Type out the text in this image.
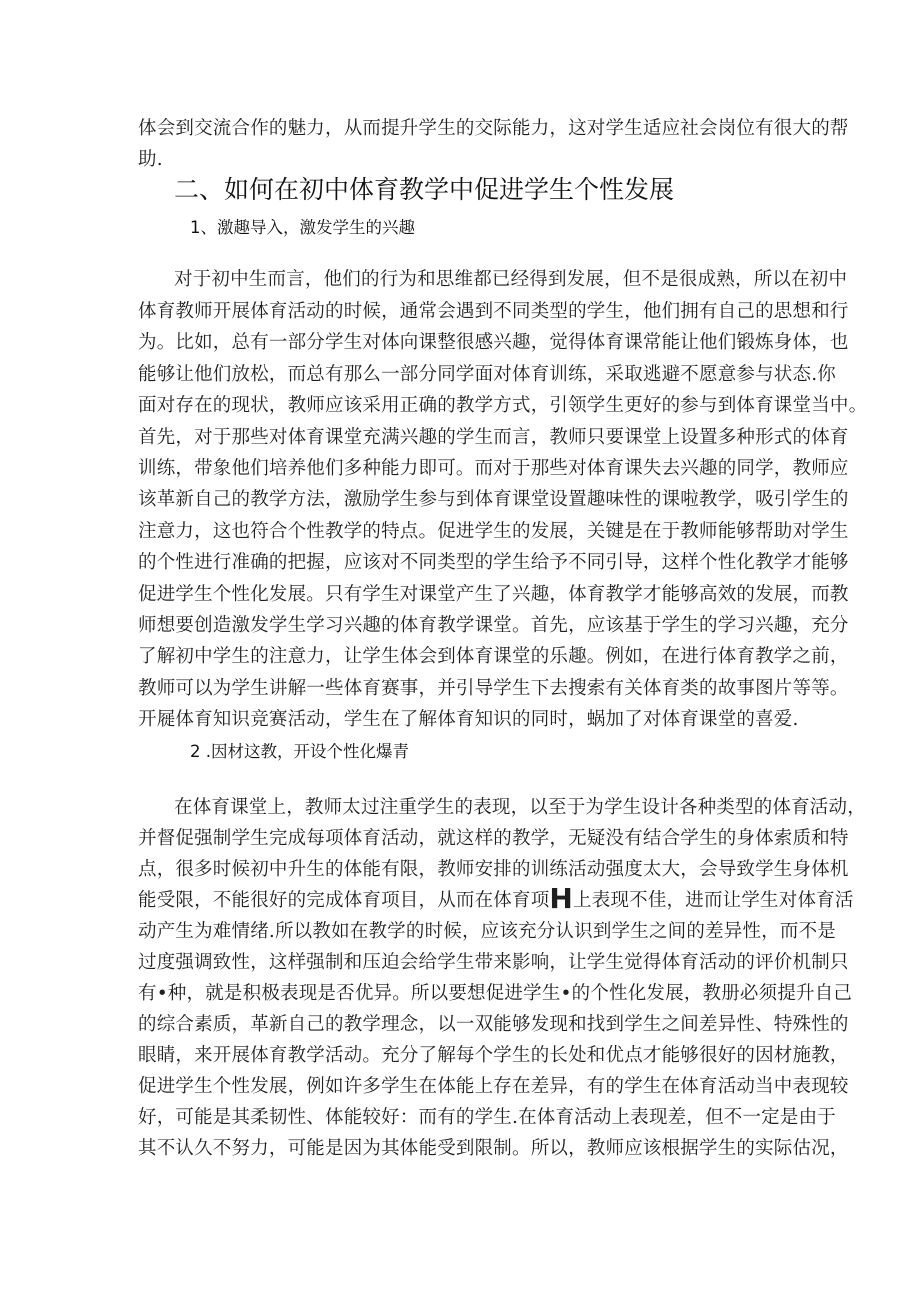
体会到交流合作的魅力，从而提升学生的交际能力，这对学生适应社会岗位有很大的帮
助.
二、如何在初中体育教学中促进学生个性发展
1、激趣导入，激发学生的兴趣
对于初中生而言，他们的行为和思维都已经得到发展，但不是很成熟，所以在初中
体育教师开展体育活动的时候，通常会遇到不同类型的学生，他们拥有自己的思想和行
为。比如，总有一部分学生对体向课整很感兴趣，觉得体育课常能让他们锻炼身体，也
能够让他们放松，而总有那么一部分同学面对体育训练，采取逃避不愿意参与状态.你
面对存在的现状，教师应该采用正确的教学方式，引领学生更好的参与到体育课堂当中。
首先，对于那些对体育课堂充满兴趣的学生而言，教师只要课堂上设置多种形式的体育
训练，带象他们培养他们多种能力即可。而对于那些对体育课失去兴趣的同学，教师应
该革新自己的教学方法，激励学生参与到体育课堂设置趣味性的课啦教学，吸引学生的
注意力，这也符合个性教学的特点。促进学生的发展，关键是在于教师能够帮助对学生
的个性进行准确的把握，应该对不同类型的学生给予不同引导，这样个性化教学才能够
促进学生个性化发展。只有学生对课堂产生了兴趣，体育教学才能够高效的发展，而教
师想要创造激发学生学习兴趣的体育教学课堂。首先，应该基于学生的学习兴趣，充分
了解初中学生的注意力，让学生体会到体育课堂的乐趣。例如，在进行体育教学之前，
教师可以为学生讲解一些体育赛事，并引导学生下去搜索有关体育类的故事图片等等。
开屣体育知识竞赛活动，学生在了解体育知识的同时，蜗加了对体育课堂的喜爱.
2 .因材这教，开设个性化爆青
在体育课堂上，教师太过注重学生的表现，以至于为学生设计各种类型的体育活动，
并督促强制学生完成每项体育活动，就这样的教学，无疑没有结合学生的身体索质和特
点，很多时候初中升生的体能有限，教师安排的训练活动强度太大，会导致学生身体机
能受限，不能很好的完成体育项目，从而在体育项H上表现不佳，进而让学生对体育活
动产生为难情绪.所以教如在教学的时候，应该充分认识到学生之间的差异性，而不是
过度强调致性，这样强制和压迫会给学生带来影响，让学生觉得体育活动的评价机制只
有•种，就是积极表现是否优异。所以要想促进学生•的个性化发展，教册必须提升自己
的综合素质，革新自己的教学理念，以一双能够发现和找到学生之间差异性、特殊性的
眼睛，来开展体育教学活动。充分了解每个学生的长处和优点才能够很好的因材施教，
促进学生个性发展，例如许多学生在体能上存在差异，有的学生在体育活动当中表现较
好，可能是其柔韧性、体能较好：而有的学生.在体育活动上表现差，但不一定是由于
其不认久不努力，可能是因为其体能受到限制。所以，教师应该根据学生的实际估况，
